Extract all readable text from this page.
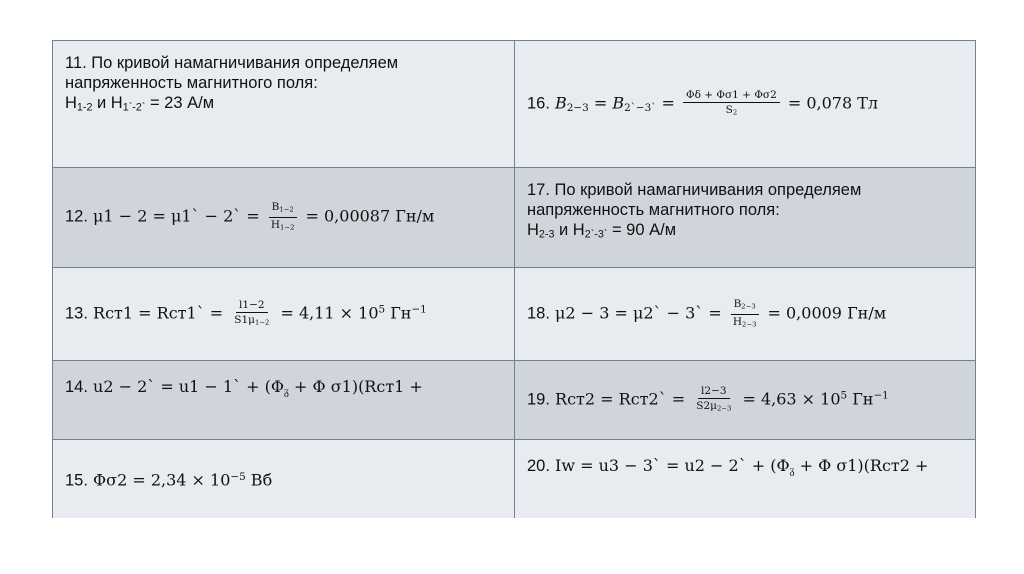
11. По кривой намагничивания определяем
напряженность магнитного поля:
$H_{1-2}$ и $H_{1`-2`} = 23$ А/м	16. $B_{2-3} = B_{2`-3`} = \frac{\Phi\delta + \Phi\sigma 1 + \Phi\sigma 2}{S_2} = 0,078$ Тл
12. μ1 − 2 = μ1` − 2` = $\frac{B_{1-2}}{H_{1-2}} = 0,00087$ Гн/м
17. По кривой намагничивания определяем
напряженность магнитного поля:
$H_{2-3}$ и $H_{2`-3`} = 90$ А/м
13. Rст1 = Rст1` = $\frac{l1-2}{S1\mu_{1-2}} = 4,11 \times 10^5$ $Гн^{-1}$	18. μ2 − 3 = μ2` − 3` = $\frac{B_{2-3}}{H_{2-3}} = 0,0009$ Гн/м
14. u2 − 2` = u1 − 1` + ($\Phi_ᵹ + \Phi$ σ1)(Rст1 +
19. Rст2 = Rст2` = $\frac{l2-3}{S2\mu_{2-3}} = 4,63 \times 10^5$ $Гн^{-1}$
15. $\Phi\sigma 2 = 2,34 \times 10^{-5}$ Вб
20. Iw = u3 − 3` = u2 − 2` + ($\Phi_ᵹ + \Phi$ σ1)(Rст2 +
